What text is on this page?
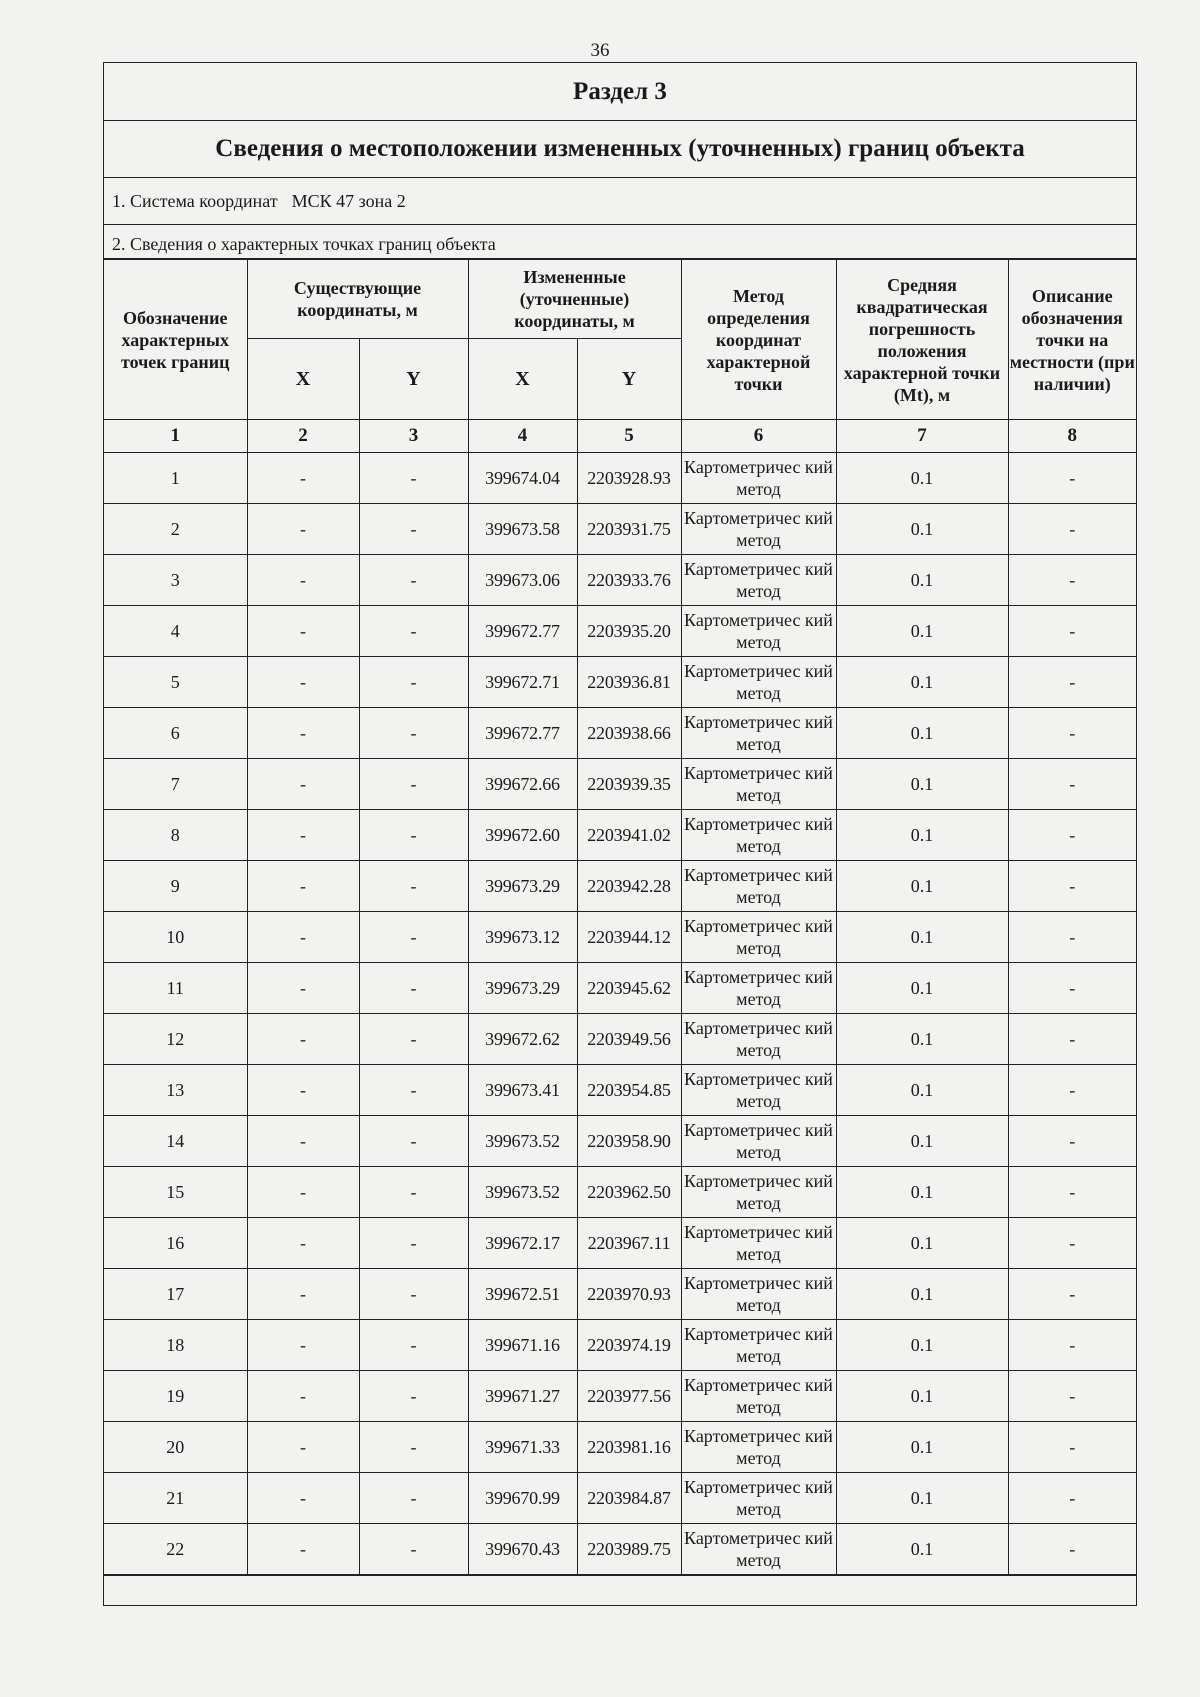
36
Раздел 3
Сведения о местоположении измененных (уточненных) границ объекта
1. Система координат МСК 47 зона 2
2. Сведения о характерных точках границ объекта
Обозначение характерных точек границ	Существующие координаты, м		Измененные (уточненные) координаты, м		Метод определения координат характерной точки	Средняя квадратическая погрешность положения характерной точки (Mt), м	Описание обозначения точки на местности (при наличии)
	X	Y	X	Y			
1	2	3	4	5	6	7	8
1	-	-	399674.04	2203928.93	Картометричес кий метод	0.1	-
2	-	-	399673.58	2203931.75	Картометричес кий метод	0.1	-
3	-	-	399673.06	2203933.76	Картометричес кий метод	0.1	-
4	-	-	399672.77	2203935.20	Картометричес кий метод	0.1	-
5	-	-	399672.71	2203936.81	Картометричес кий метод	0.1	-
6	-	-	399672.77	2203938.66	Картометричес кий метод	0.1	-
7	-	-	399672.66	2203939.35	Картометричес кий метод	0.1	-
8	-	-	399672.60	2203941.02	Картометричес кий метод	0.1	-
9	-	-	399673.29	2203942.28	Картометричес кий метод	0.1	-
10	-	-	399673.12	2203944.12	Картометричес кий метод	0.1	-
11	-	-	399673.29	2203945.62	Картометричес кий метод	0.1	-
12	-	-	399672.62	2203949.56	Картометричес кий метод	0.1	-
13	-	-	399673.41	2203954.85	Картометричес кий метод	0.1	-
14	-	-	399673.52	2203958.90	Картометричес кий метод	0.1	-
15	-	-	399673.52	2203962.50	Картометричес кий метод	0.1	-
16	-	-	399672.17	2203967.11	Картометричес кий метод	0.1	-
17	-	-	399672.51	2203970.93	Картометричес кий метод	0.1	-
18	-	-	399671.16	2203974.19	Картометричес кий метод	0.1	-
19	-	-	399671.27	2203977.56	Картометричес кий метод	0.1	-
20	-	-	399671.33	2203981.16	Картометричес кий метод	0.1	-
21	-	-	399670.99	2203984.87	Картометричес кий метод	0.1	-
22	-	-	399670.43	2203989.75	Картометричес кий метод	0.1	-
